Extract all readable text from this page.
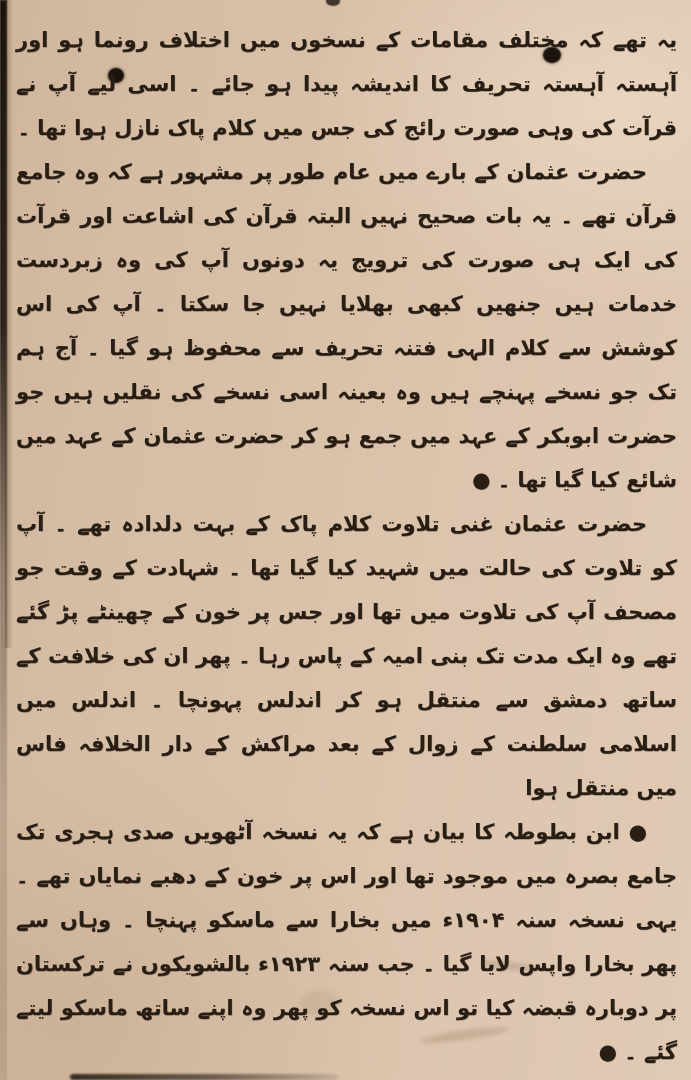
یہ تھے کہ مختلف مقامات کے نسخوں میں اختلاف رونما ہو اور آہستہ آہستہ تحریف کا اندیشہ پیدا ہو جائے ۔ اسی لیے آپ نے قرآت کی وہی صورت رائج کی جس میں کلام پاک نازل ہوا تھا ۔

حضرت عثمان کے بارے میں عام طور پر مشہور ہے کہ وہ جامع قرآن تھے ۔ یہ بات صحیح نہیں البتہ قرآن کی اشاعت اور قرآت کی ایک ہی صورت کی ترویج یہ دونوں آپ کی وہ زبردست خدمات ہیں جنھیں کبھی بھلایا نہیں جا سکتا ۔ آپ کی اس کوشش سے کلام الہی فتنہ تحریف سے محفوظ ہو گیا ۔ آج ہم تک جو نسخے پہنچے ہیں وہ بعینہ اسی نسخے کی نقلیں ہیں جو حضرت ابوبکر کے عہد میں جمع ہو کر حضرت عثمان کے عہد میں شائع کیا گیا تھا ۔ ●

حضرت عثمان غنی تلاوت کلام پاک کے بہت دلدادہ تھے ۔ آپ کو تلاوت کی حالت میں شہید کیا گیا تھا ۔ شہادت کے وقت جو مصحف آپ کی تلاوت میں تھا اور جس پر خون کے چھینٹے پڑ گئے تھے وہ ایک مدت تک بنی امیہ کے پاس رہا ۔ پھر ان کی خلافت کے ساتھ دمشق سے منتقل ہو کر اندلس پہونچا ۔ اندلس میں اسلامی سلطنت کے زوال کے بعد مراکش کے دار الخلافہ فاس میں منتقل ہوا

● ابن بطوطہ کا بیان ہے کہ یہ نسخہ آٹھویں صدی ہجری تک جامع بصرہ میں موجود تھا اور اس پر خون کے دھبے نمایاں تھے ۔ یہی نسخہ سنہ ۱۹۰۴ء میں بخارا سے ماسکو پہنچا ۔ وہاں سے پھر بخارا واپس لایا گیا ۔ جب سنہ ۱۹۲۳ء بالشویکوں نے ترکستان پر دوبارہ قبضہ کیا تو اس نسخہ کو پھر وہ اپنے ساتھ ماسکو لیتے گئے ۔ ●
